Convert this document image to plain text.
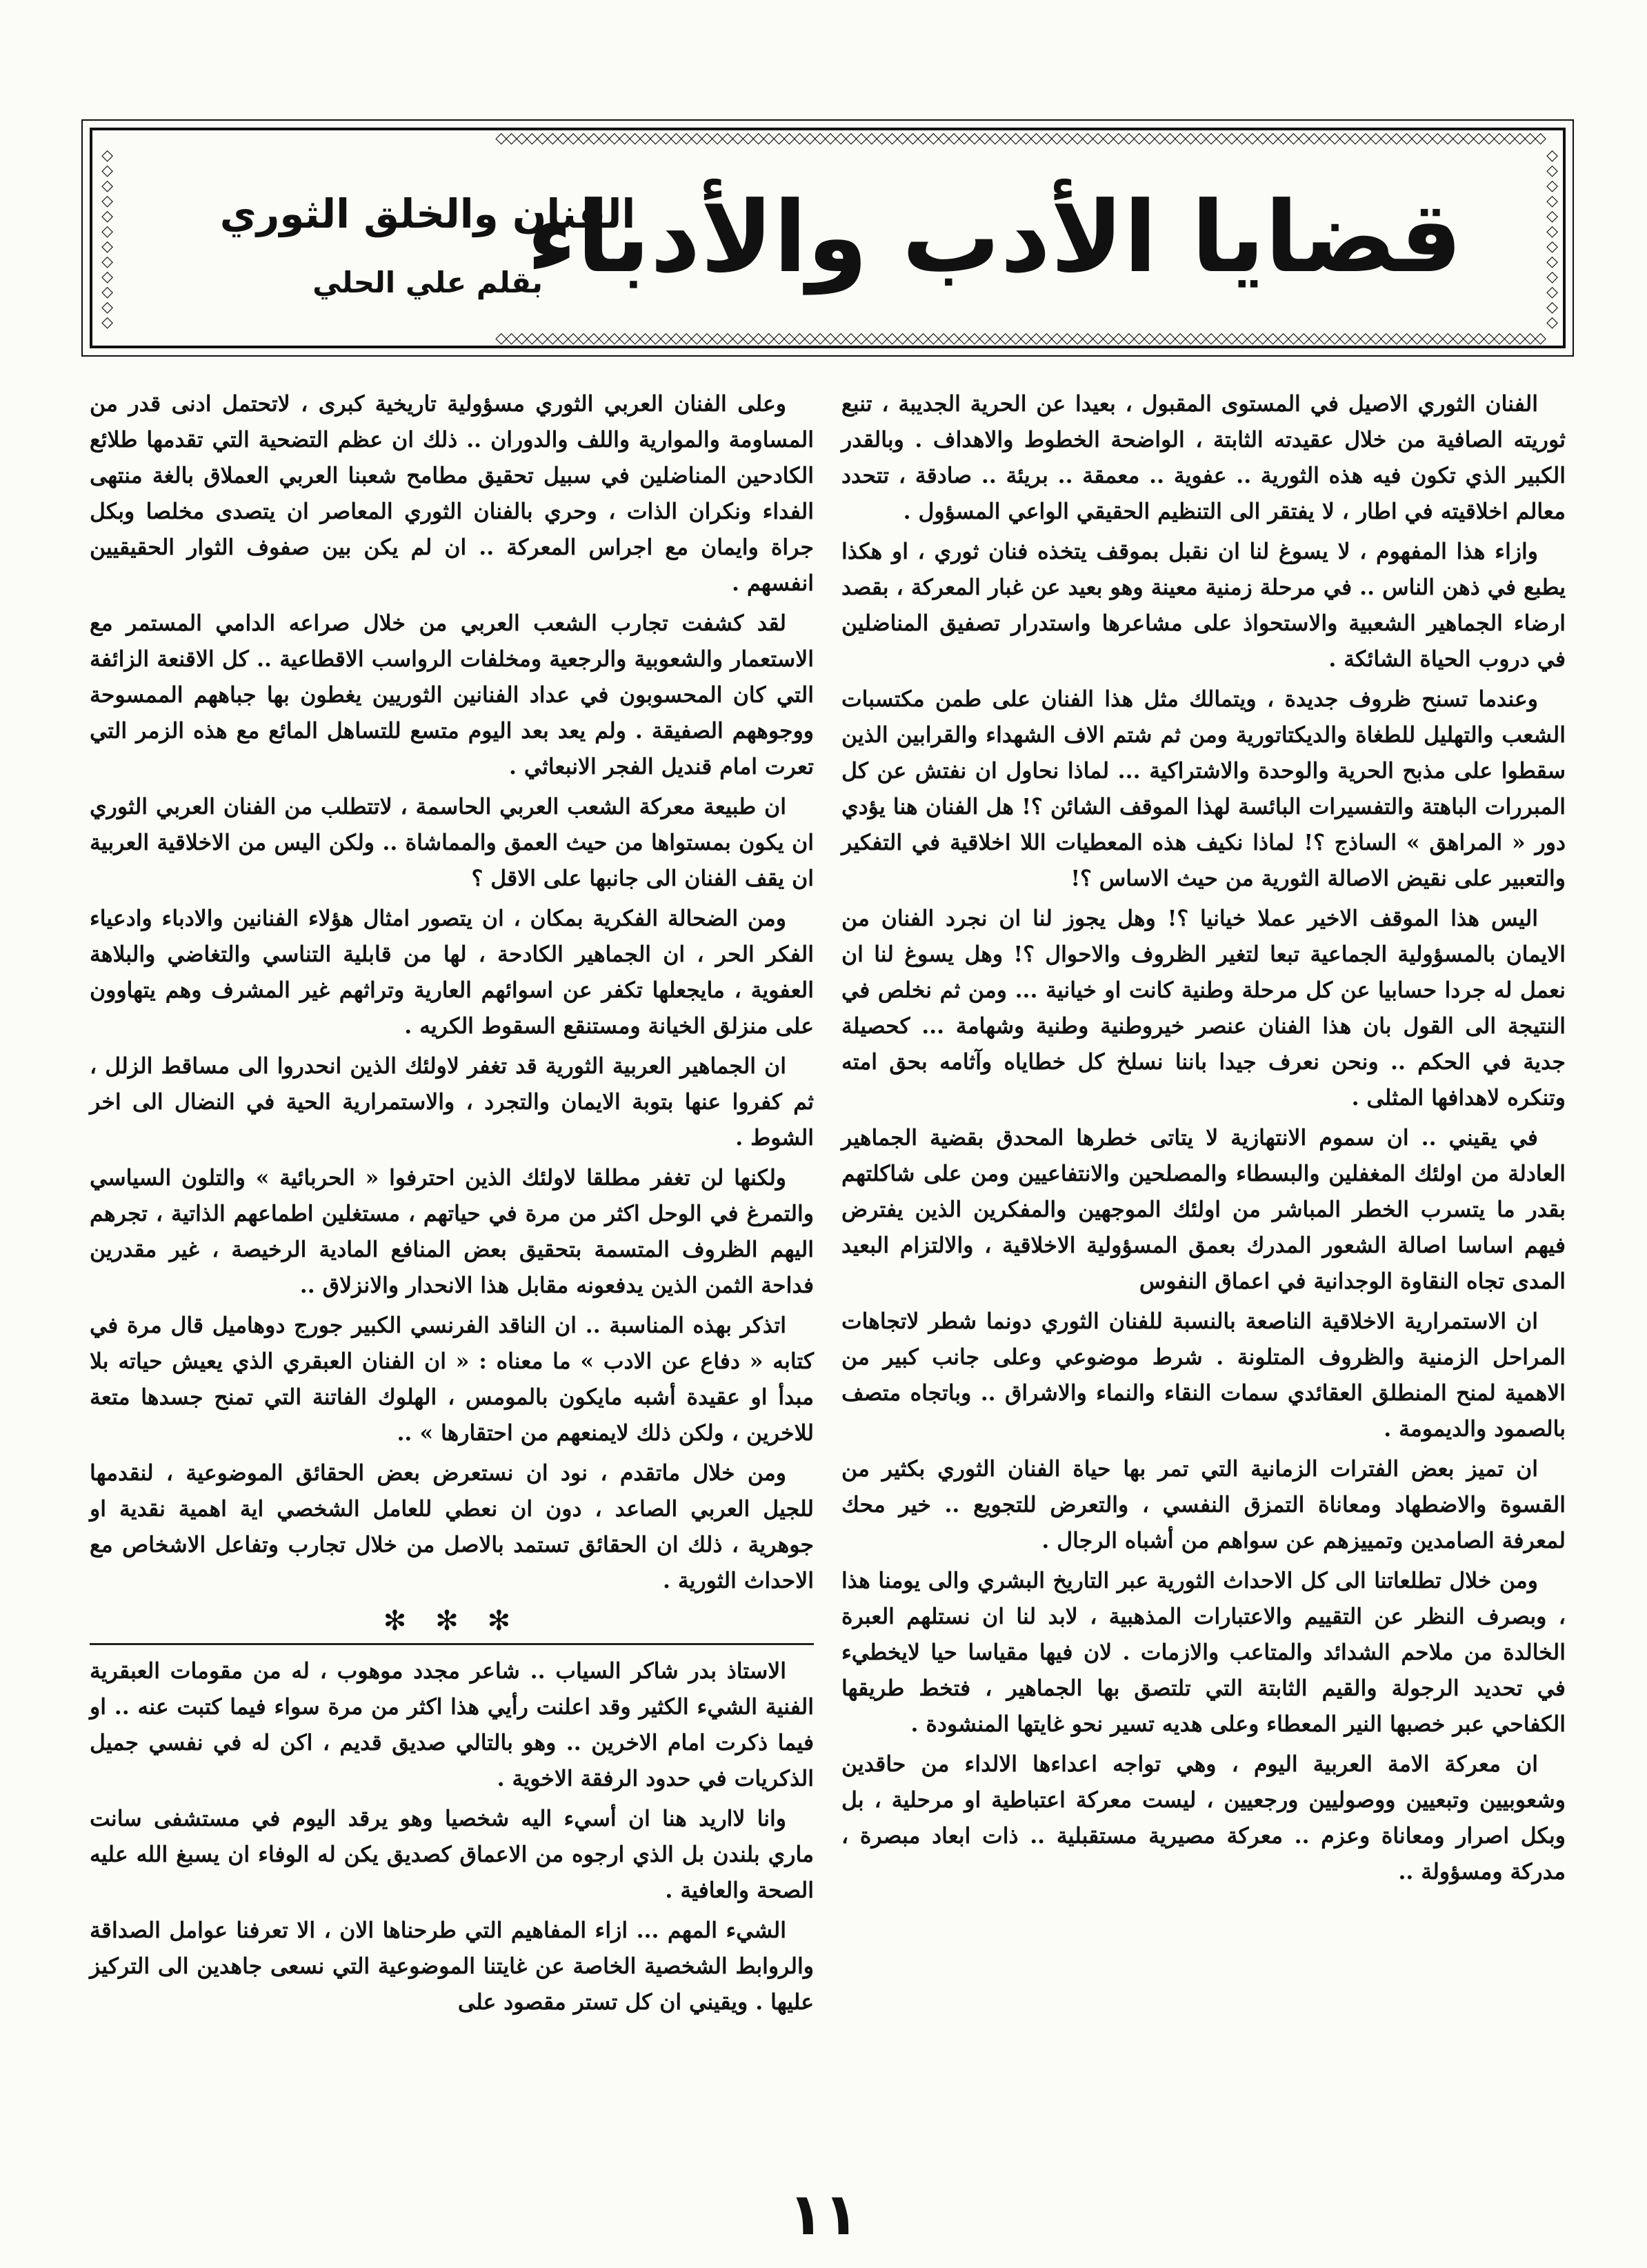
◇◇◇◇◇◇◇◇◇◇◇◇◇◇◇◇◇◇◇◇◇◇◇◇◇◇◇◇◇◇◇◇◇◇◇◇◇◇◇◇◇◇◇◇◇◇◇◇◇◇◇◇◇◇◇◇◇◇◇◇◇◇◇◇◇◇◇◇◇◇◇◇◇◇◇◇◇◇◇◇◇◇◇◇◇◇◇◇◇◇◇◇◇◇◇◇◇◇◇◇◇◇
◇◇◇◇◇◇◇◇◇◇◇◇◇◇◇◇◇◇◇◇◇◇◇◇◇◇◇◇◇◇◇◇◇◇◇◇◇◇◇◇◇◇◇◇◇◇◇◇◇◇◇◇◇◇◇◇◇◇◇◇◇◇◇◇◇◇◇◇◇◇◇◇◇◇◇◇◇◇◇◇◇◇◇◇◇◇◇◇◇◇◇◇◇◇◇◇◇◇◇◇◇◇
◇◇◇◇◇◇◇◇◇◇◇◇
◇◇◇◇◇◇◇◇◇◇◇◇
قضايا الأدب والأدباء
الفنان والخلق الثوري
بقلم علي الحلي

الفنان الثوري الاصيل في المستوى المقبول ، بعيدا عن الحرية الجديبة ، تنبع ثوريته الصافية من خلال عقيدته الثابتة ، الواضحة الخطوط والاهداف . وبالقدر الكبير الذي تكون فيه هذه الثورية .. عفوية .. معمقة .. بريئة .. صادقة ، تتحدد معالم اخلاقيته في اطار ، لا يفتقر الى التنظيم الحقيقي الواعي المسؤول .

وازاء هذا المفهوم ، لا يسوغ لنا ان نقبل بموقف يتخذه فنان ثوري ، او هكذا يطبع في ذهن الناس .. في مرحلة زمنية معينة وهو بعيد عن غبار المعركة ، بقصد ارضاء الجماهير الشعبية والاستحواذ على مشاعرها واستدرار تصفيق المناضلين في دروب الحياة الشائكة .

وعندما تسنح ظروف جديدة ، ويتمالك مثل هذا الفنان على طمن مكتسبات الشعب والتهليل للطغاة والديكتاتورية ومن ثم شتم الاف الشهداء والقرابين الذين سقطوا على مذبح الحرية والوحدة والاشتراكية ... لماذا نحاول ان نفتش عن كل المبررات الباهتة والتفسيرات البائسة لهذا الموقف الشائن ؟! هل الفنان هنا يؤدي دور « المراهق » الساذج ؟! لماذا نكيف هذه المعطيات اللا اخلاقية في التفكير والتعبير على نقيض الاصالة الثورية من حيث الاساس ؟!

اليس هذا الموقف الاخير عملا خيانيا ؟! وهل يجوز لنا ان نجرد الفنان من الايمان بالمسؤولية الجماعية تبعا لتغير الظروف والاحوال ؟! وهل يسوغ لنا ان نعمل له جردا حسابيا عن كل مرحلة وطنية كانت او خيانية ... ومن ثم نخلص في النتيجة الى القول بان هذا الفنان عنصر خيروطنية وطنية وشهامة ... كحصيلة جدية في الحكم .. ونحن نعرف جيدا باننا نسلخ كل خطاياه وآثامه بحق امته وتنكره لاهدافها المثلى .

في يقيني .. ان سموم الانتهازية لا يتاتى خطرها المحدق بقضية الجماهير العادلة من اولئك المغفلين والبسطاء والمصلحين والانتفاعيين ومن على شاكلتهم بقدر ما يتسرب الخطر المباشر من اولئك الموجهين والمفكرين الذين يفترض فيهم اساسا اصالة الشعور المدرك بعمق المسؤولية الاخلاقية ، والالتزام البعيد المدى تجاه النقاوة الوجدانية في اعماق النفوس

ان الاستمرارية الاخلاقية الناصعة بالنسبة للفنان الثوري دونما شطر لاتجاهات المراحل الزمنية والظروف المتلونة . شرط موضوعي وعلى جانب كبير من الاهمية لمنح المنطلق العقائدي سمات النقاء والنماء والاشراق .. وباتجاه متصف بالصمود والديمومة .

ان تميز بعض الفترات الزمانية التي تمر بها حياة الفنان الثوري بكثير من القسوة والاضطهاد ومعاناة التمزق النفسي ، والتعرض للتجويع .. خير محك لمعرفة الصامدين وتمييزهم عن سواهم من أشباه الرجال .

ومن خلال تطلعاتنا الى كل الاحداث الثورية عبر التاريخ البشري والى يومنا هذا ، وبصرف النظر عن التقييم والاعتبارات المذهبية ، لابد لنا ان نستلهم العبرة الخالدة من ملاحم الشدائد والمتاعب والازمات . لان فيها مقياسا حيا لايخطيء في تحديد الرجولة والقيم الثابتة التي تلتصق بها الجماهير ، فتخط طريقها الكفاحي عبر خصبها النير المعطاء وعلى هديه تسير نحو غايتها المنشودة .

ان معركة الامة العربية اليوم ، وهي تواجه اعداءها الالداء من حاقدين وشعوبيين وتبعيين ووصوليين ورجعيين ، ليست معركة اعتباطية او مرحلية ، بل وبكل اصرار ومعاناة وعزم .. معركة مصيرية مستقبلية .. ذات ابعاد مبصرة ، مدركة ومسؤولة ..

وعلى الفنان العربي الثوري مسؤولية تاريخية كبرى ، لاتحتمل ادنى قدر من المساومة والموارية واللف والدوران .. ذلك ان عظم التضحية التي تقدمها طلائع الكادحين المناضلين في سبيل تحقيق مطامح شعبنا العربي العملاق بالغة منتهى الفداء ونكران الذات ، وحري بالفنان الثوري المعاصر ان يتصدى مخلصا وبكل جراة وايمان مع اجراس المعركة .. ان لم يكن بين صفوف الثوار الحقيقيين انفسهم .

لقد كشفت تجارب الشعب العربي من خلال صراعه الدامي المستمر مع الاستعمار والشعوبية والرجعية ومخلفات الرواسب الاقطاعية .. كل الاقنعة الزائفة التي كان المحسوبون في عداد الفنانين الثوريين يغطون بها جباههم الممسوحة ووجوههم الصفيقة . ولم يعد بعد اليوم متسع للتساهل المائع مع هذه الزمر التي تعرت امام قنديل الفجر الانبعاثي .

ان طبيعة معركة الشعب العربي الحاسمة ، لاتتطلب من الفنان العربي الثوري ان يكون بمستواها من حيث العمق والمماشاة .. ولكن اليس من الاخلاقية العربية ان يقف الفنان الى جانبها على الاقل ؟

ومن الضحالة الفكرية بمكان ، ان يتصور امثال هؤلاء الفنانين والادباء وادعياء الفكر الحر ، ان الجماهير الكادحة ، لها من قابلية التناسي والتغاضي والبلاهة العفوية ، مايجعلها تكفر عن اسوائهم العارية وتراثهم غير المشرف وهم يتهاوون على منزلق الخيانة ومستنقع السقوط الكريه .

ان الجماهير العربية الثورية قد تغفر لاولئك الذين انحدروا الى مساقط الزلل ، ثم كفروا عنها بتوبة الايمان والتجرد ، والاستمرارية الحية في النضال الى اخر الشوط .

ولكنها لن تغفر مطلقا لاولئك الذين احترفوا « الحربائية » والتلون السياسي والتمرغ في الوحل اكثر من مرة في حياتهم ، مستغلين اطماعهم الذاتية ، تجرهم اليهم الظروف المتسمة بتحقيق بعض المنافع المادية الرخيصة ، غير مقدرين فداحة الثمن الذين يدفعونه مقابل هذا الانحدار والانزلاق ..

اتذكر بهذه المناسبة .. ان الناقد الفرنسي الكبير جورج دوهاميل قال مرة في كتابه « دفاع عن الادب » ما معناه : « ان الفنان العبقري الذي يعيش حياته بلا مبدأ او عقيدة أشبه مايكون بالمومس ، الهلوك الفاتنة التي تمنح جسدها متعة للاخرين ، ولكن ذلك لايمنعهم من احتقارها » ..

ومن خلال ماتقدم ، نود ان نستعرض بعض الحقائق الموضوعية ، لنقدمها للجيل العربي الصاعد ، دون ان نعطي للعامل الشخصي اية اهمية نقدية او جوهرية ، ذلك ان الحقائق تستمد بالاصل من خلال تجارب وتفاعل الاشخاص مع الاحداث الثورية .

✻ ✻ ✻

الاستاذ بدر شاكر السياب .. شاعر مجدد موهوب ، له من مقومات العبقرية الفنية الشيء الكثير وقد اعلنت رأيي هذا اكثر من مرة سواء فيما كتبت عنه .. او فيما ذكرت امام الاخرين .. وهو بالتالي صديق قديم ، اكن له في نفسي جميل الذكريات في حدود الرفقة الاخوية .

وانا لااريد هنا ان أسيء اليه شخصيا وهو يرقد اليوم في مستشفى سانت ماري بلندن بل الذي ارجوه من الاعماق كصديق يكن له الوفاء ان يسبغ الله عليه الصحة والعافية .

الشيء المهم ... ازاء المفاهيم التي طرحناها الان ، الا تعرفنا عوامل الصداقة والروابط الشخصية الخاصة عن غايتنا الموضوعية التي نسعى جاهدين الى التركيز عليها . ويقيني ان كل تستر مقصود على

١١
